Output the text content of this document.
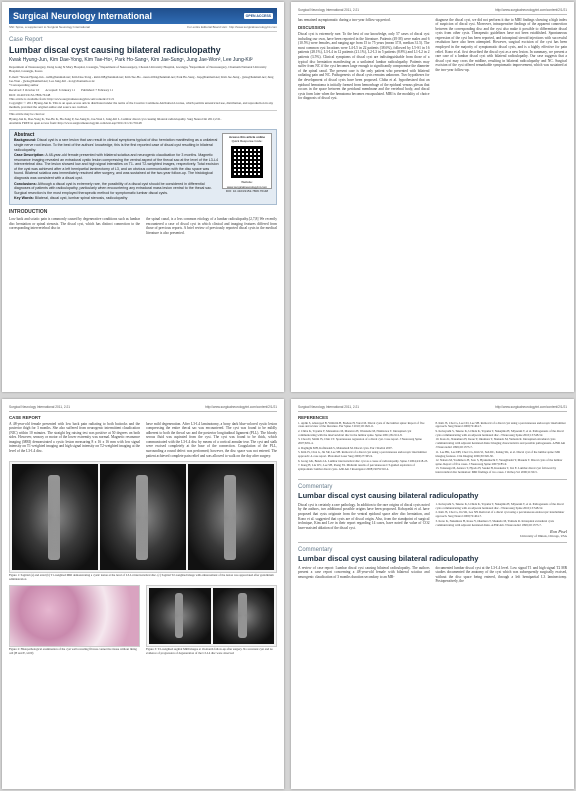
Surgical Neurology International	OPEN ACCESS
SNI: Spine, a supplement to Surgical Neurology International	For entire Editorial Board visit : http://www.surgicalneurologyint.com
Case Report
Lumbar discal cyst causing bilateral radiculopathy
Kwak Hyung-Jun, Kim Dae-Yong, Kim Tae-Ho¹, Park Ho-Sang¹, Kim Jae-Sung¹, Jung Jae-Won², Lee Jung-Kil²
Department of Neurosurgery, Dong Gang St Mary Hospital, Gwangju, ¹Department of Neurosurgery, Chosun University Hospital, Gwangju, ²Department of Neurosurgery, Chonnam National University Hospital, Gwangju, Korea
E-mail: *Kwak Hyung-Jun - ns96@hanmail.net; Kim Dae-Yong - kim1208@hanmail.net; Kim Tae-Ho - neuro1004@hanmail.net; Park Ho-Sang - hsp@hanmail.net; Kim Jae-Sung - jjsns@hanmail.net; Jung Jae-Won - jjwns@hanmail.net; Lee Jung-Kil - ns1@chonnam.ac.kr
*Corresponding author
Received: 3 October 10 Accepted: 6 January 11 Published: 7 February 11
DOI: 10.4103/2152-7806.76148
This article is available from: http://www.surgicalneurologyint.com/content/2/1/21
Copyright: © 2011 Hyung-Jun K. This is an open-access article distributed under the terms of the Creative Commons Attribution License, which permits unrestricted use, distribution, and reproduction in any medium, provided the original author and source are credited.
This article may be cited as:
Hyung-Jun K, Dae-Yong K, Tae-Ho K, Ho-Sang P, Jae-Sung K, Jae-Won J, Jung-Kil L. Lumbar discal cyst causing bilateral radiculopathy. Surg Neurol Int 2011;2:21.
Available FREE in open access from: http://www.surgicalneurologyint.com/text.asp?2011/2/1/21/76148
Access this article online
Quick Response Code:
Website: www.surgicalneurologyint.com
DOI: 10.4103/2152-7806.76148
Abstract
Background: Discal cyst is a rare lesion that can result in clinical symptoms typical of disc herniation manifesting as a unilateral single nerve root lesion. To the best of the authors' knowledge, this is the first reported case of discal cyst resulting in bilateral radiculopathy.
Case Description: A 48-year-old female presented with bilateral sciatica and neurogenic claudication for 3 months. Magnetic resonance imaging revealed an extradural cystic lesion compressing the ventral aspect of the thecal sac at the level of the L3-L4 intervertebral disc. The lesion showed low and high signal intensities on T1- and T2-weighted images, respectively. Total excision of the cyst was achieved after a left hemipartial laminectomy of L3, and an obvious communication with the disc space was found. Bilateral sciatica was immediately resolved after surgery, and was sustained at the two-year follow-up. The histological diagnosis was consistent with a discal cyst.
Conclusions: Although a discal cyst is extremely rare, the possibility of a discal cyst should be considered in differential diagnoses of patients with radiculopathy, particularly when encountering any extradural mass lesion ventral to the thecal sac. Surgical resection is the most employed therapeutic method for symptomatic lumbar discal cysts.
Key Words: Bilateral, discal cyst, lumbar spinal stenosis, radiculopathy
INTRODUCTION
Low back and sciatic pain is commonly caused by degenerative conditions such as lumbar disc herniation or spinal stenosis. The discal cyst, which has distinct connection to the corresponding intervertebral disc in
the spinal canal, is a less common etiology of a lumbar radiculopathy.[2,7,8] We recently encountered a case of discal cyst in which clinical and imaging features differed from those of previous reports. A brief review of previously reported discal cysts in the medical literature is also presented.
Surgical Neurology International 2011, 2:21	http://www.surgicalneurologyint.com/content/2/1/21
has remained asymptomatic during a two-year follow-up period.
DISCUSSION
Discal cyst is extremely rare. To the best of our knowledge, only 57 cases of discal cyst including our own, have been reported in the literature. Patients (49 M) were males and 6 (10.5%) were females, and ranging age from 15 to 75 years (mean 37.8, median 31.5). The most common cyst locations were L4-L5 in 22 patients (38.6%), followed by L5-S1 in 16 patients (28.1%), L3-L4 in 12 patients (21.1%), L2-L3 in 5 patients (8.8%) and L1-L2 in 2 patients (3.5%). Clinical symptoms of discal cyst are indistinguishable from those of a typical disc herniation manifesting as a unilateral lumbar radiculopathy. Patients may suffer from NC if the cyst becomes large enough to significantly compromise the diameter of the spinal canal. The present case is the only patient who presented with bilateral radiating pain and NC. Pathogenesis of discal cysts remains unknown. Two hypotheses for the development of discal cysts have been proposed. Chiba et al. hypothesized that an epidural hematoma is initially formed from hemorrhage of the epidural venous plexus that occurs in the space between the peridural membrane and the vertebral body, and discal cysts form later when the hematoma becomes encapsulated. MRI is the modality of choice for diagnosis of discal cyst.
diagnose the discal cyst, we did not perform it due to MRI findings showing a high index of suspicion of discal cyst. Moreover, intraoperative findings of the apparent connection between the corresponding disc and the cyst also make it possible to differentiate discal cysts from other cysts. Therapeutic guidelines have not been established. Spontaneous regression of the cyst has been reported, and intraspinal steroid injections with successful resolution have also been attempted. However, surgical excision of the cyst has been employed in the majority of symptomatic discal cysts, and is a highly effective for pain relief. Kono et al. first described the discal cyst as a new lesion. In summary, we present a rare case of a lumbar discal cyst with bilateral radiculopathy. Our case suggests that a discal cyst may cross the midline, resulting in bilateral radiculopathy and NC. Surgical excision of the cyst offered remarkable symptomatic improvement, which was sustained at the two-year follow-up.
Surgical Neurology International 2011, 2:21	http://www.surgicalneurologyint.com/content/2/1/21
CASE REPORT
A 48-year-old female presented with low back pain radiating to both buttocks and the posterior thigh for 3 months. She also suffered from neurogenic intermittent claudication (NIC) within 10 minutes. The straight leg raising test was positive at 50 degrees on both sides. However, sensory or motor of the lower extremity was normal. Magnetic resonance imaging (MRI) demonstrated a cystic lesion measuring 8 x 16 x 16 mm with low signal intensity on T1-weighted imaging and high signal intensity on T2-weighted imaging at the level of the L3-L4 disc.
have mild degeneration. After L3-L4 laminotomy, a bony dark blue-colored cystic lesion compressing the entire thecal sac was encountered. The cyst was found to be mildly adherent to both the thecal sac and the posterior longitudinal ligament (PLL). The bloody serous fluid was aspirated from the cyst. The cyst was found to be thick, which communicated with the L3-L4 disc by means of a cortical annular tear. The cyst and stalk were excised completely at the base of the connection. Coagulation of the PLL, surrounding a round defect was performed; however, the disc space was not entered. The patient achieved complete pain relief and was allowed to walk on the day after surgery.
Figure 1: Sagittal (a) and axial (b) T1-weighted MRI demonstrating a cystic lesion at the level of L3-L4 intervertebral disc. (c) Sagittal T2-weighted image with enhancement of the lesion was appreciated after gadolinium administration
Figure 2: Histopathological examination of the cyst wall revealing fibrous connective tissue without lining cell (H and E, x100)
Figure 3: T2-weighted sagittal MRI images at 16-month follow-up after surgery. No recurrent cyst and no evidence of progression of degeneration of the L3-L4 disc were observed
Surgical Neurology International 2011, 2:21	http://www.surgicalneurologyint.com/content/2/1/21
REFERENCES
1. Aydin S, Abuzayed B, Yildirim H, Bozkus H, Vural M. Discal cysts of the lumbar spine: Report of five cases and review of the literature. Eur Spine J 2010;19:1621-6.
2. Chiba K, Toyama Y, Matsumoto M, Maruiwa H, Watanabe M, Nishizawa T. Intraspinal cyst communicating with the intervertebral disc in the lumbar spine. Spine 2001;26:2112-8.
3. Chou D, Smith JS, Chin CT. Spontaneous regression of a discal cyst. Case report. J Neurosurg Spine 2007;6:81-4.
4. Daghighi MH, Kafilzadeh S, Mohamadi M. Discal cysts. Eur J Radiol 2007.
5. Kim JS, Choi G, Jin SR, Lee SH. Removal of a discal cyst using a percutaneous endoscopic interlaminar approach: A case report. Photomed Laser Surg 2009;27:365-9.
6. Jeong GK, Bendo JA. Lumbar intervertebral disc cyst as a cause of radiculopathy. Spine J 2004;4:218-23.
7. Kang H, Liu WC, Lee SH, Paeng SS. Midterm results of percutaneous CT-guided aspiration of symptomatic lumbar discal cysts. AJR Am J Roentgenol 2008;190:W310-4.
8. Kim JS, Choi G, Lee CD, Lee SH. Removal of a discal cyst using a percutaneous endoscopic interlaminar approach. Surg Neurol 2009;72:404-7.
9. Kobayashi S, Takeno K, Uchida K, Yayama T, Nakajima H, Miyazaki T, et al. Pathogenesis of the discal cysts communicating with an adjacent herniated disc. J Neurosurg Spine 2010;13:548-52.
10. Kono K, Nakamura H, Inoue Y, Okamura T, Shakudo M, Yamada R. Intraspinal extradural cysts communicating with adjacent herniated disks: Imaging characteristics and possible pathogenesis. AJNR Am J Neuroradiol 1999;20:1373-7.
11. Lee HK, Lee DH, Choi CG, Kim SJ, Suh DC, Kahng SK, et al. Discal cyst of the lumbar spine: MR imaging features. Clin Imaging 2006;30:326-30.
12. Nabeta M, Yoshimoto H, Sato S, Hyakumachi T, Yanagibashi Y, Masuda T. Discal cysts of the lumbar spine. Report of five cases. J Neurosurg Spine 2007;6:85-9.
13. Tokunaga M, Aizawa T, Hyodo H, Sasaki H, Kusakabe T, Itoi E. Lumbar discal cyst followed by intervertebral disc herniation: MRI findings of two cases. J Orthop Sci 2006;11:90-5.
Commentary
Lumbar discal cyst causing bilateral radiculopathy
Discal cyst is certainly a rare pathology. In addition to the rare origins of discal cysts noted by the authors, two additional possible origins have been proposed. Kobayashi et al. have proposed that cysts originate from the ventral epidural space after disc herniation, and Kono et al. suggested that cysts are of discal origin. Also, from the standpoint of surgical technique, Kim and Lee in their report regarding 14 cases, have noted the value of CO2 laser-assisted ablation of the discal cyst.
1. Kobayashi S, Takeno K, Uchida K, Yayama T, Nakajima H, Miyazaki T, et al. Pathogenesis of the discal cysts communicating with an adjacent herniated disc. J Neurosurg Spine 2010;13:548-52.
2. Kim JS, Choi G, Jin SR, Lee SH. Removal of a discal cyst using a percutaneous endoscopic interlaminar approach. Surg Neurol 2009;72:404-7.
3. Kono K, Nakamura H, Inoue Y, Okamura T, Shakudo M, Yamada R. Intraspinal extradural cysts communicating with adjacent herniated disks. AJNR Am J Neuroradiol 1999;20:1373-7.
Ron Pisel
University of Illinois, Chicago, USA
Commentary
Lumbar discal cyst causing bilateral radiculopathy
A review of case report: Lumbar discal cyst causing bilateral radiculopathy. The authors present a case report concerning a 48-year-old female with bilateral sciatica and neurogenic claudication of 3 months duration secondary to an MR-
documented lumbar discal cyst at the L3-L4 level. Low signal T1 and high signal T2 MR studies documented the anatomy of the cyst which was subsequently surgically excised, without the disc space being entered, through a left hemipartial L3 laminectomy. Postoperatively, the
